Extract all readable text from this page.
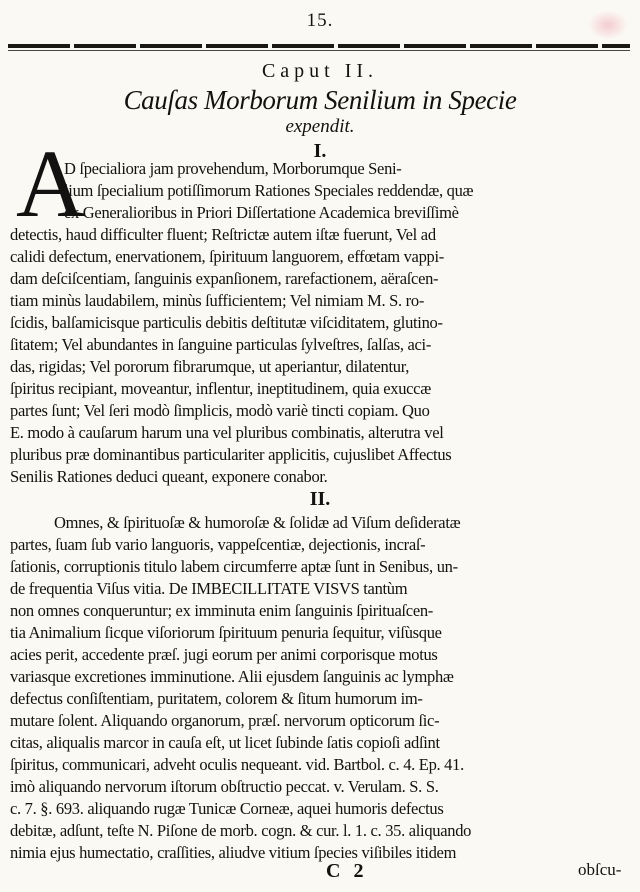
15.
Caput II.
Cauſas Morborum Senilium in Specie
expendit.
I.
A
D ſpecialiora jam provehendum, Morborumque Seni-
lium ſpecialium potiſſimorum Rationes Speciales reddendæ, quæ
ex Generalioribus in Priori Diſſertatione Academica breviſſimè
detectis, haud difficulter fluent; Reſtrictæ autem iſtæ fuerunt, Vel ad
calidi defectum, enervationem, ſpirituum languorem, effœtam vappi-
dam deſciſcentiam, ſanguinis expanſionem, rarefactionem, aëraſcen-
tiam minùs laudabilem, minùs ſufficientem; Vel nimiam M. S. ro-
ſcidis, balſamicisque particulis debitis deſtitutæ viſciditatem, glutino-
ſitatem; Vel abundantes in ſanguine particulas ſylveſtres, ſalſas, aci-
das, rigidas; Vel pororum fibrarumque, ut aperiantur, dilatentur,
ſpiritus recipiant, moveantur, inflentur, ineptitudinem, quia exuccæ
partes ſunt; Vel ſeri modò ſimplicis, modò variè tincti copiam. Quo
E. modo à cauſarum harum una vel pluribus combinatis, alterutra vel
pluribus præ dominantibus particulariter applicitis, cujuslibet Affectus
Senilis Rationes deduci queant, exponere conabor.
II.
Omnes, & ſpirituoſæ & humoroſæ & ſolidæ ad Viſum deſideratæ
partes, ſuam ſub vario languoris, vappeſcentiæ, dejectionis, incraſ-
ſationis, corruptionis titulo labem circumferre aptæ ſunt in Senibus, un-
de frequentia Viſus vitia. De IMBECILLITATE VISVS tantùm
non omnes conqueruntur; ex imminuta enim ſanguinis ſpirituaſcen-
tia Animalium ſicque viſoriorum ſpirituum penuria ſequitur, viſùsque
acies perit, accedente præſ. jugi eorum per animi corporisque motus
variasque excretiones imminutione. Alii ejusdem ſanguinis ac lymphæ
defectus conſiſtentiam, puritatem, colorem & ſitum humorum im-
mutare ſolent. Aliquando organorum, præſ. nervorum opticorum ſic-
citas, aliqualis marcor in cauſa eſt, ut licet ſubinde ſatis copioſi adſint
ſpiritus, communicari, adveht oculis nequeant. vid. Bartbol. c. 4. Ep. 41.
imò aliquando nervorum iſtorum obſtructio peccat. v. Verulam. S. S.
c. 7. §. 693. aliquando rugæ Tunicæ Corneæ, aquei humoris defectus
debitæ, adſunt, teſte N. Piſone de morb. cogn. & cur. l. 1. c. 35. aliquando
nimia ejus humectatio, craſſities, aliudve vitium ſpecies viſibiles itidem
C 2	obſcu-
